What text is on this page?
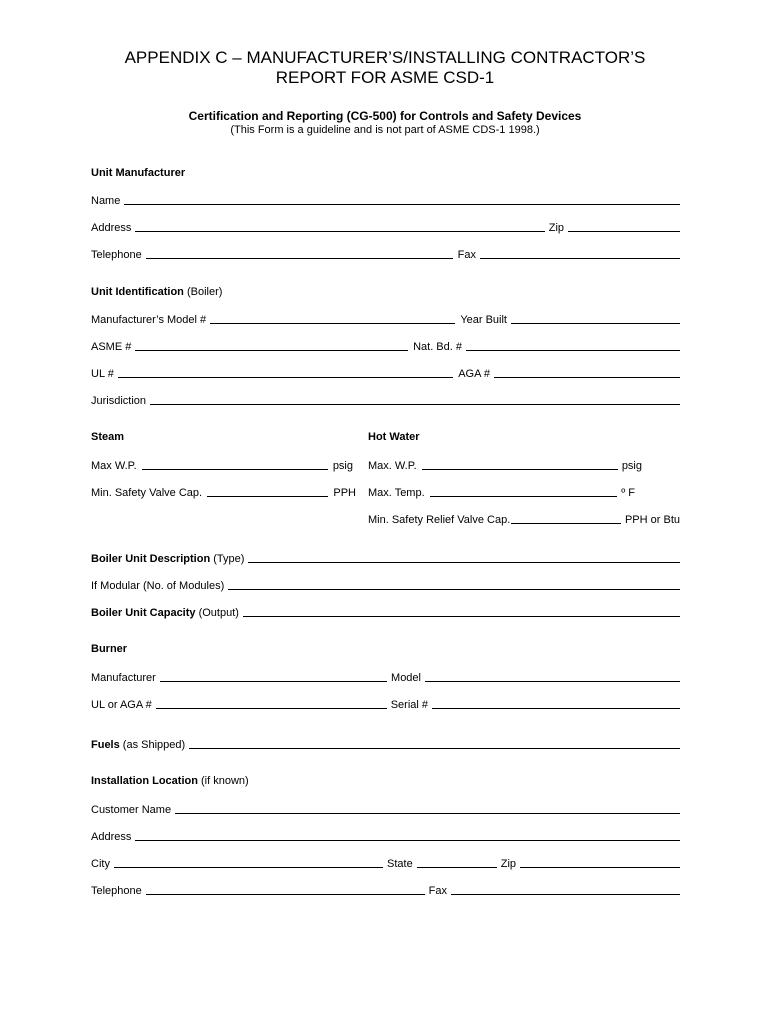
APPENDIX C – MANUFACTURER’S/INSTALLING CONTRACTOR’S
REPORT FOR ASME CSD-1
Certification and Reporting (CG-500) for Controls and Safety Devices
(This Form is a guideline and is not part of ASME CDS-1 1998.)
Unit Manufacturer
Name
Address	Zip
Telephone	Fax
Unit Identification (Boiler)
Manufacturer’s Model #	Year Built
ASME #	Nat. Bd. #
UL #	AGA #
Jurisdiction
Steam	Hot Water
Max W.P.	psig Max. W.P.	psig
Min. Safety Valve Cap.	PPH Max. Temp.	º F
Min. Safety Relief Valve Cap.	PPH or Btu
Boiler Unit Description (Type)
If Modular (No. of Modules)
Boiler Unit Capacity (Output)
Burner
Manufacturer	Model
UL or AGA #	Serial #
Fuels (as Shipped)
Installation Location (if known)
Customer Name
Address
City	State	Zip
Telephone	Fax
